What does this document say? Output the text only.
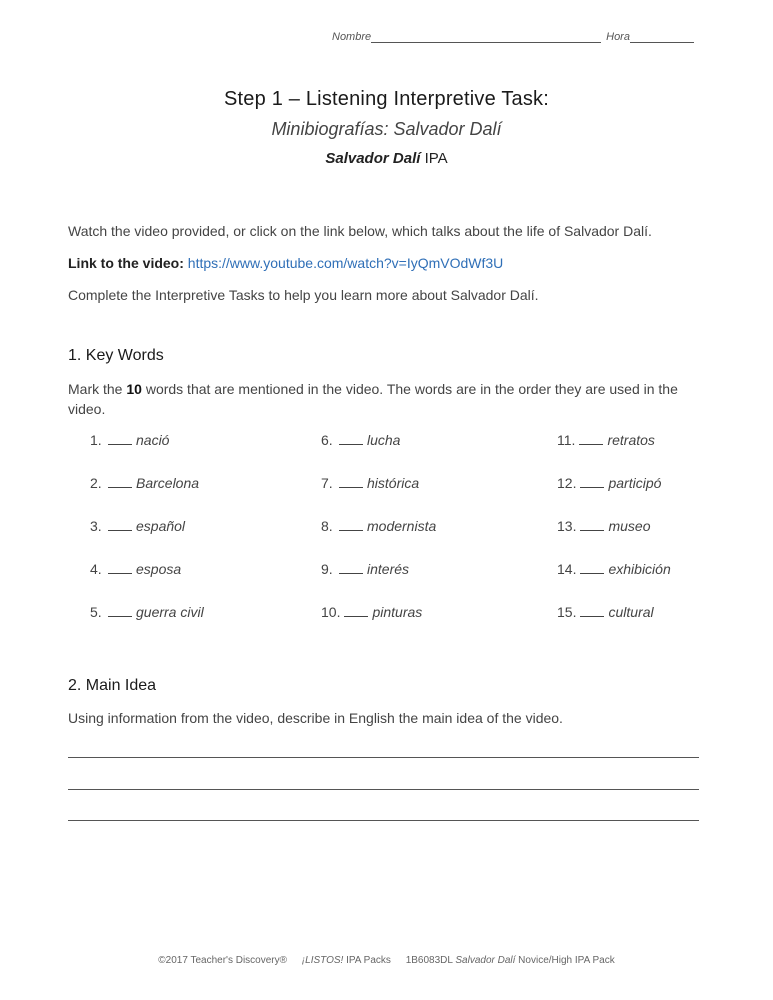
Nombre	Hora
Step 1 – Listening Interpretive Task:
Minibiografías: Salvador Dalí
Salvador Dalí IPA
Watch the video provided, or click on the link below, which talks about the life of Salvador Dalí.
Link to the video: https://www.youtube.com/watch?v=IyQmVOdWf3U
Complete the Interpretive Tasks to help you learn more about Salvador Dalí.
1. Key Words
Mark the 10 words that are mentioned in the video. The words are in the order they are used in the video.
1. nació
2. Barcelona
3. español
4. esposa
5. guerra civil
6. lucha
7. histórica
8. modernista
9. interés
10. pinturas
11. retratos
12. participó
13. museo
14. exhibición
15. cultural
2. Main Idea
Using information from the video, describe in English the main idea of the video.
©2017 Teacher's Discovery® ¡LISTOS! IPA Packs 1B6083DL Salvador Dalí Novice/High IPA Pack
